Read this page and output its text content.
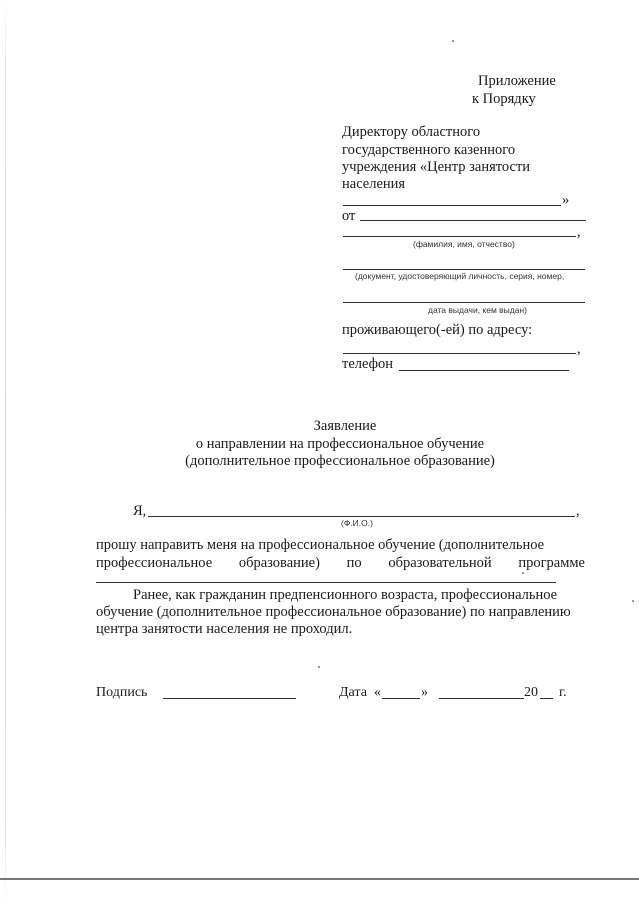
Приложение
к Порядку
Директору областного
государственного казенного
учреждения «Центр занятости
населения
»
от
,
(фамилия, имя, отчество)
(документ, удостоверяющий личность, серия, номер,
дата выдачи, кем выдан)
проживающего(-ей) по адресу:
,
телефон
Заявление
о направлении на профессиональное обучение
(дополнительное профессиональное образование)
Я,	,
(Ф.И.О.)
прошу направить меня на профессиональное обучение (дополнительное
профессиональное образование) по образовательной программе
Ранее, как гражданин предпенсионного возраста, профессиональное
обучение (дополнительное профессиональное образование) по направлению
центра занятости населения не проходил.
Подпись	Дата «	»	20 г.
